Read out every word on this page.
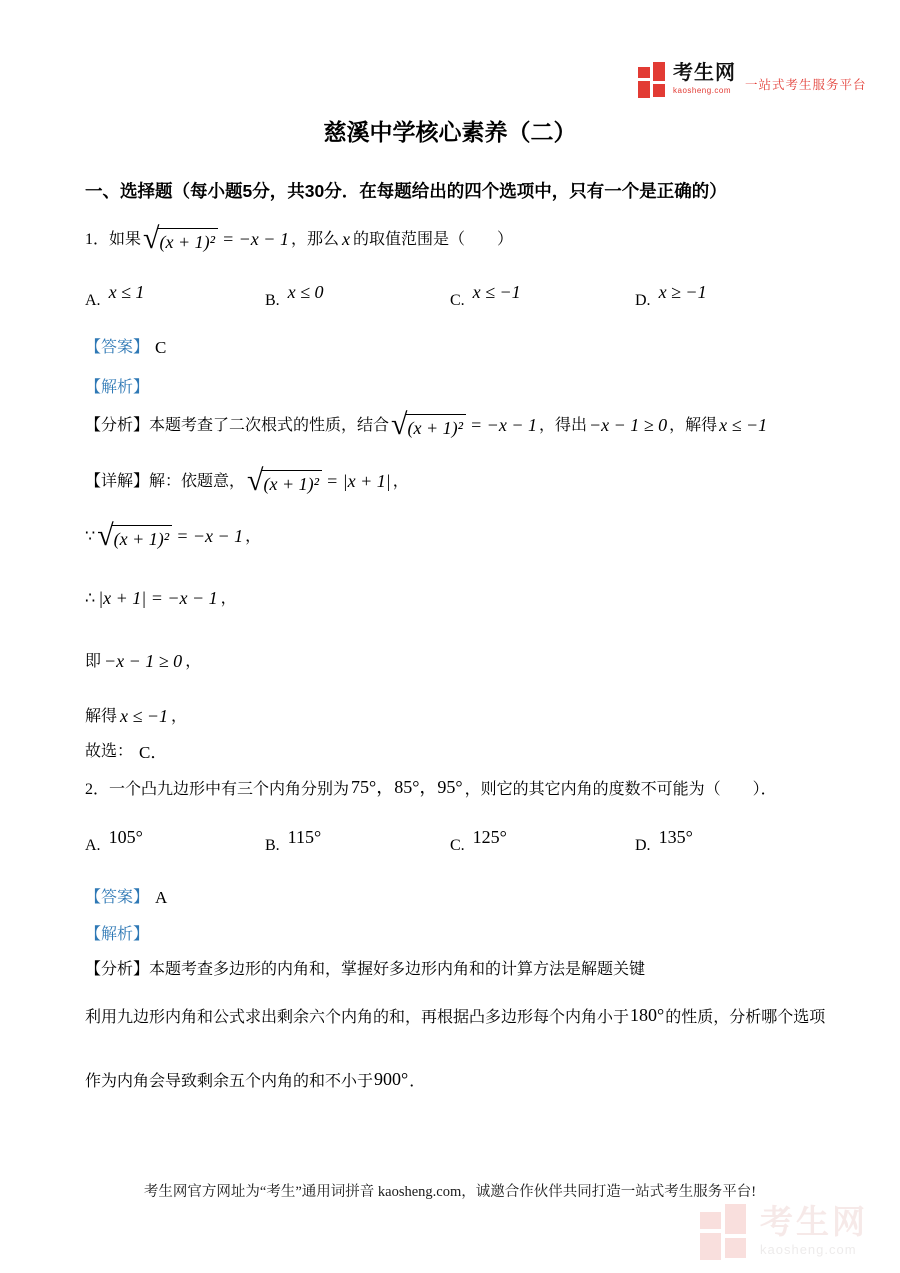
考生网
kaosheng.com	一站式考生服务平台
慈溪中学核心素养（二）
一、选择题（每小题5分，共30分．在每题给出的四个选项中，只有一个是正确的）
1．如果 √ (x + 1)² = −x − 1 ，那么 x 的取值范围是（　　）
A. x ≤ 1	B. x ≤ 0	C. x ≤ −1	D. x ≥ −1
【答案】 C
【解析】
【分析】 本题考查了二次根式的性质，结合 √ (x + 1)² = −x − 1 ，得出 −x − 1 ≥ 0 ，解得 x ≤ −1
【详解】 解：依题意， √ (x + 1)² = |x + 1| ，
∵ √ (x + 1)² = −x − 1 ，
∴ |x + 1| = −x − 1 ，
即 −x − 1 ≥ 0 ，
解得 x ≤ −1 ，
故选： C．
2．一个凸九边形中有三个内角分别为 75°，85°，95° ，则它的其它内角的度数不可能为（　　）．
A. 105°	B. 115°	C. 125°	D. 135°
【答案】 A
【解析】
【分析】 本题考查多边形的内角和，掌握好多边形内角和的计算方法是解题关键
利用九边形内角和公式求出剩余六个内角的和，再根据凸多边形每个内角小于 180° 的性质，分析哪个选项
作为内角会导致剩余五个内角的和不小于 900° ．
考生网官方网址为“考生”通用词拼音 kaosheng.com，诚邀合作伙伴共同打造一站式考生服务平台!
考生网
kaosheng.com
